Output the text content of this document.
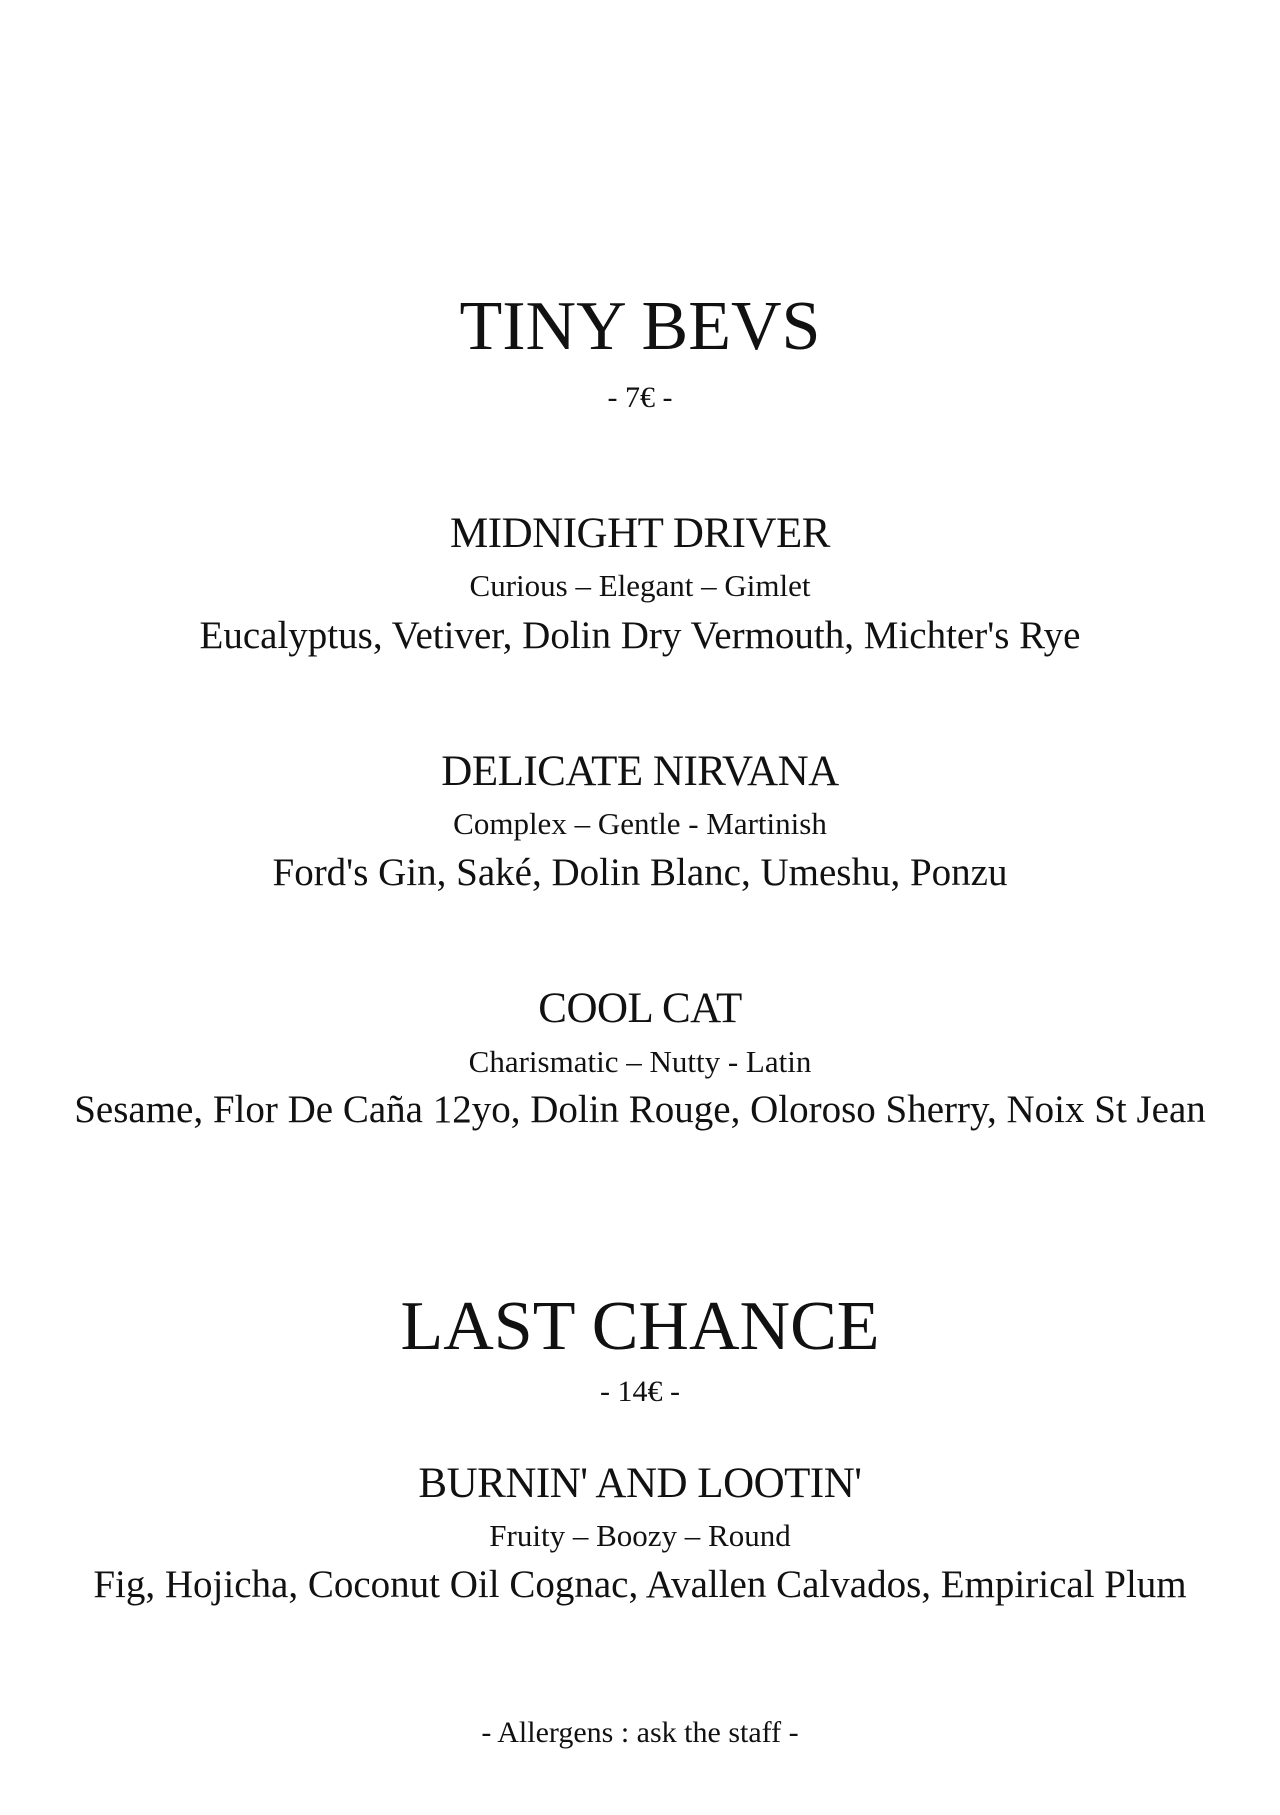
TINY BEVS
- 7€ -
MIDNIGHT DRIVER
Curious – Elegant – Gimlet
Eucalyptus, Vetiver, Dolin Dry Vermouth, Michter's Rye
DELICATE NIRVANA
Complex – Gentle - Martinish
Ford's Gin, Saké, Dolin Blanc, Umeshu, Ponzu
COOL CAT
Charismatic – Nutty - Latin
Sesame, Flor De Caña 12yo, Dolin Rouge, Oloroso Sherry, Noix St Jean
LAST CHANCE
- 14€ -
BURNIN' AND LOOTIN'
Fruity – Boozy – Round
Fig, Hojicha, Coconut Oil Cognac, Avallen Calvados, Empirical Plum
- Allergens : ask the staff -
